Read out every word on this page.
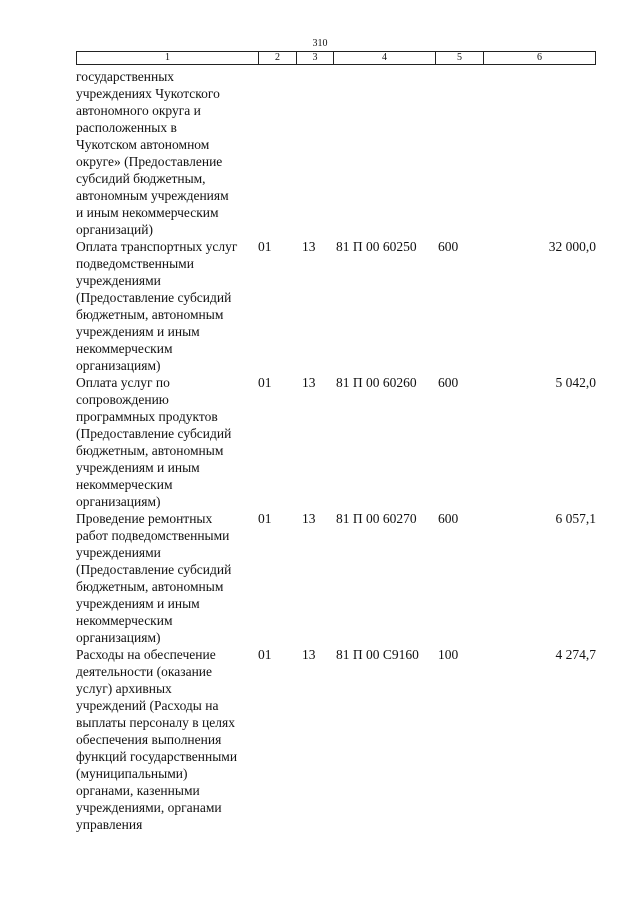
310
1	2	3	4	5	6
государственных
учреждениях Чукотского
автономного округа и
расположенных в
Чукотском автономном
округе» (Предоставление
субсидий бюджетным,
автономным учреждениям
и иным некоммерческим
организаций)
Оплата транспортных услуг
подведомственными
учреждениями
(Предоставление субсидий
бюджетным, автономным
учреждениям и иным
некоммерческим
организациям)
01	13	81 П 00 60250	600	32 000,0
Оплата услуг по
сопровождению
программных продуктов
(Предоставление субсидий
бюджетным, автономным
учреждениям и иным
некоммерческим
организациям)
01	13	81 П 00 60260	600	5 042,0
Проведение ремонтных
работ подведомственными
учреждениями
(Предоставление субсидий
бюджетным, автономным
учреждениям и иным
некоммерческим
организациям)
01	13	81 П 00 60270	600	6 057,1
Расходы на обеспечение
деятельности (оказание
услуг) архивных
учреждений (Расходы на
выплаты персоналу в целях
обеспечения выполнения
функций государственными
(муниципальными)
органами, казенными
учреждениями, органами
управления
01	13	81 П 00 С9160	100	4 274,7
